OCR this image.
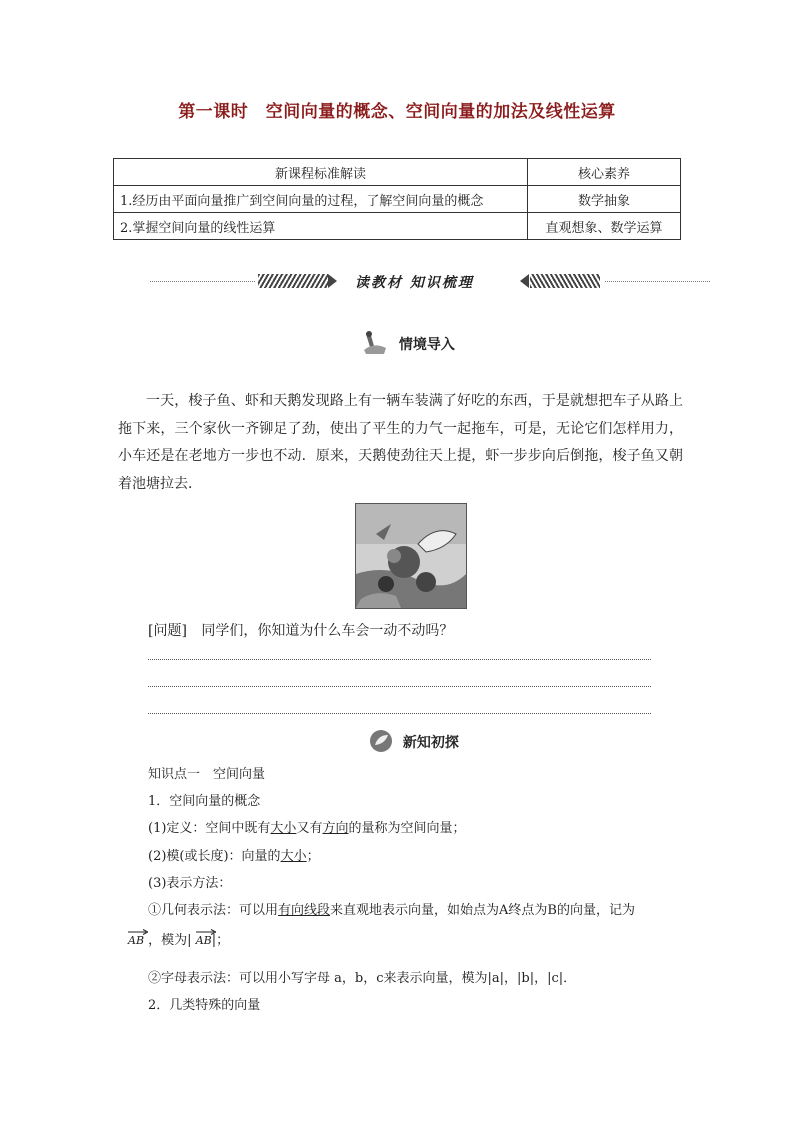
第一课时　空间向量的概念、空间向量的加法及线性运算
新课程标准解读	核心素养
1.经历由平面向量推广到空间向量的过程，了解空间向量的概念	数学抽象
2.掌握空间向量的线性运算	直观想象、数学运算
读教材 知识梳理
情境导入
一天，梭子鱼、虾和天鹅发现路上有一辆车装满了好吃的东西，于是就想把车子从路上拖下来，三个家伙一齐铆足了劲，使出了平生的力气一起拖车，可是，无论它们怎样用力，小车还是在老地方一步也不动．原来，天鹅使劲往天上提，虾一步步向后倒拖，梭子鱼又朝着池塘拉去．
[问题] 同学们，你知道为什么车会一动不动吗？
新知初探
知识点一　空间向量
1．空间向量的概念
(1)定义：空间中既有大小又有方向的量称为空间向量；
(2)模(或长度)：向量的大小；
(3)表示方法：
①几何表示法：可以用有向线段来直观地表示向量，如始点为A终点为B的向量，记为
AB ，模为| AB|；
②字母表示法：可以用小写字母 a，b，c来表示向量，模为|a|，|b|，|c|．
2．几类特殊的向量
